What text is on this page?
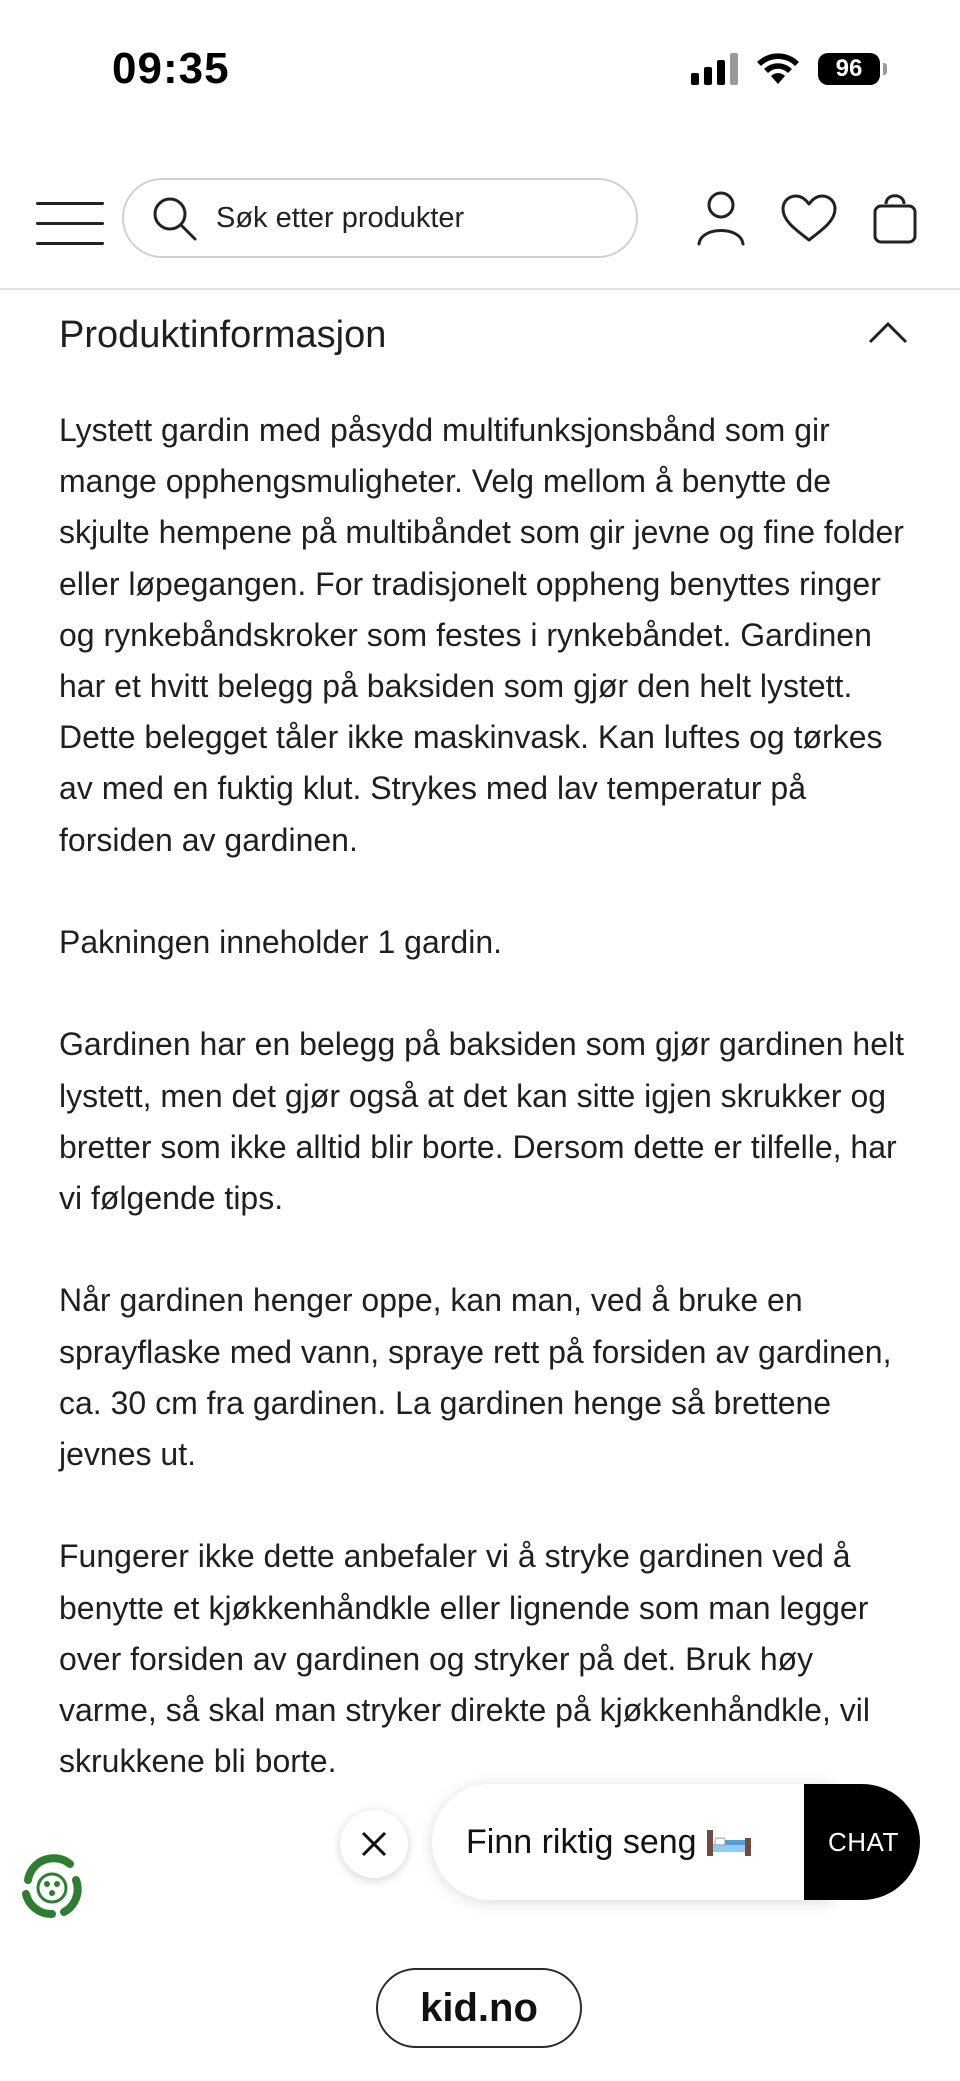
09:35	96
Søk etter produkter
Produktinformasjon

Lystett gardin med påsydd multifunksjonsbånd som gir mange opphengsmuligheter. Velg mellom å benytte de skjulte hempene på multibåndet som gir jevne og fine folder eller løpegangen. For tradisjonelt oppheng benyttes ringer og rynkebåndskroker som festes i rynkebåndet. Gardinen har et hvitt belegg på baksiden som gjør den helt lystett. Dette belegget tåler ikke maskinvask. Kan luftes og tørkes av med en fuktig klut. Strykes med lav temperatur på forsiden av gardinen.

Pakningen inneholder 1 gardin.

Gardinen har en belegg på baksiden som gjør gardinen helt lystett, men det gjør også at det kan sitte igjen skrukker og bretter som ikke alltid blir borte. Dersom dette er tilfelle, har vi følgende tips.

Når gardinen henger oppe, kan man, ved å bruke en sprayflaske med vann, spraye rett på forsiden av gardinen, ca. 30 cm fra gardinen. La gardinen henge så brettene jevnes ut.

Fungerer ikke dette anbefaler vi å stryke gardinen ved å benytte et kjøkkenhåndkle eller lignende som man legger over forsiden av gardinen og stryker på det. Bruk høy varme, så skal man stryker direkte på kjøkkenhåndkle, vil skrukkene bli borte.

kid.no
Finn riktig seng	CHAT
